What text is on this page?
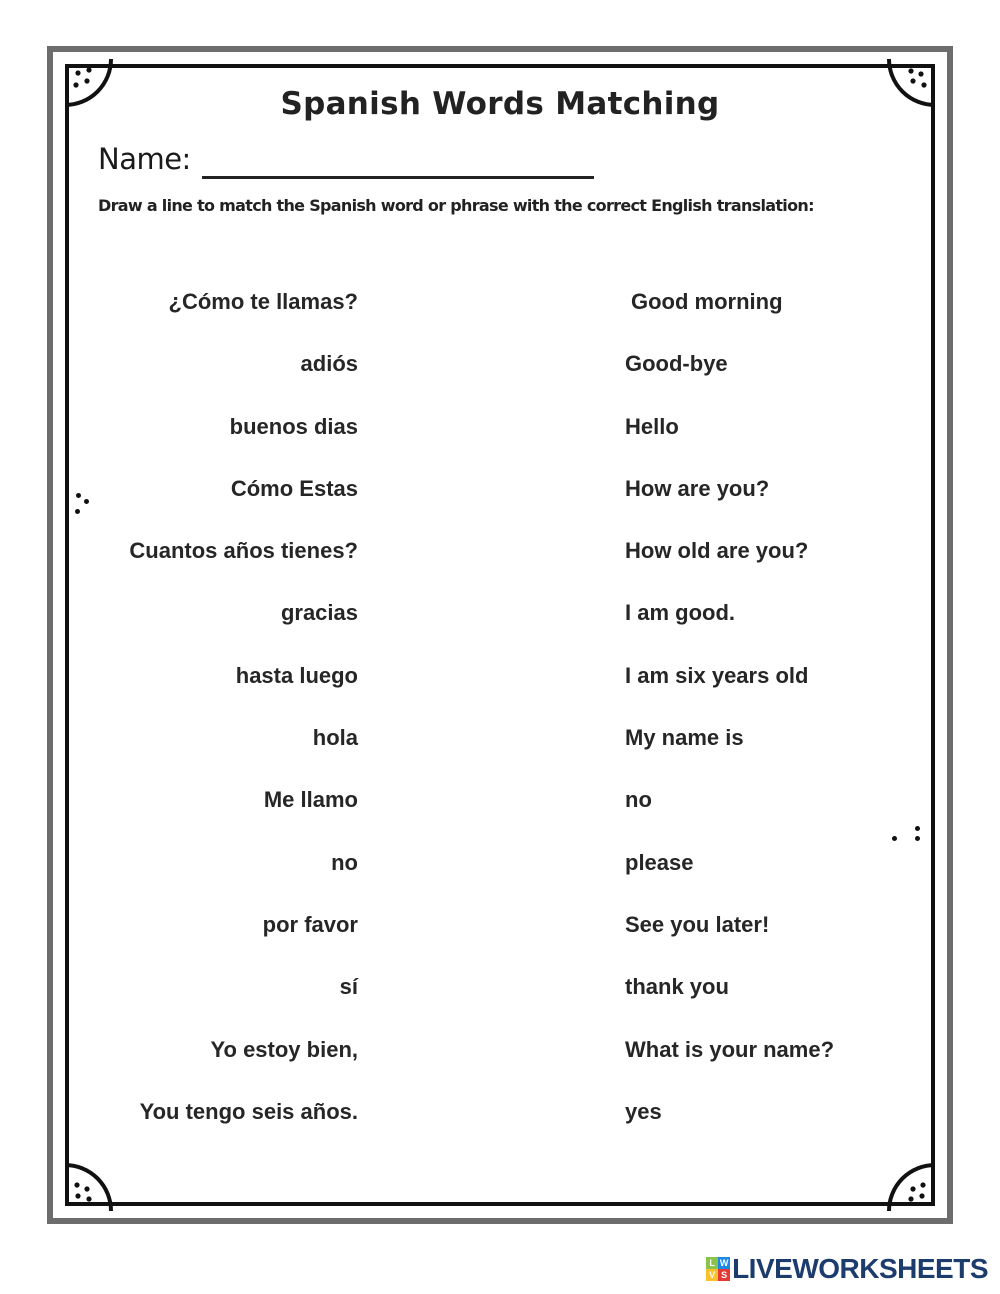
Spanish Words Matching
Name:
Draw a line to match the Spanish word or phrase with the correct English translation:
¿Cómo te llamas?
adiós
buenos dias
Cómo Estas
Cuantos años tienes?
gracias
hasta luego
hola
Me llamo
no
por favor
sí
Yo estoy bien,
You tengo seis años.
Good morning
Good-bye
Hello
How are you?
How old are you?
I am good.
I am six years old
My name is
no
please
See you later!
thank you
What is your name?
yes
L W
V S LIVEWORKSHEETS
